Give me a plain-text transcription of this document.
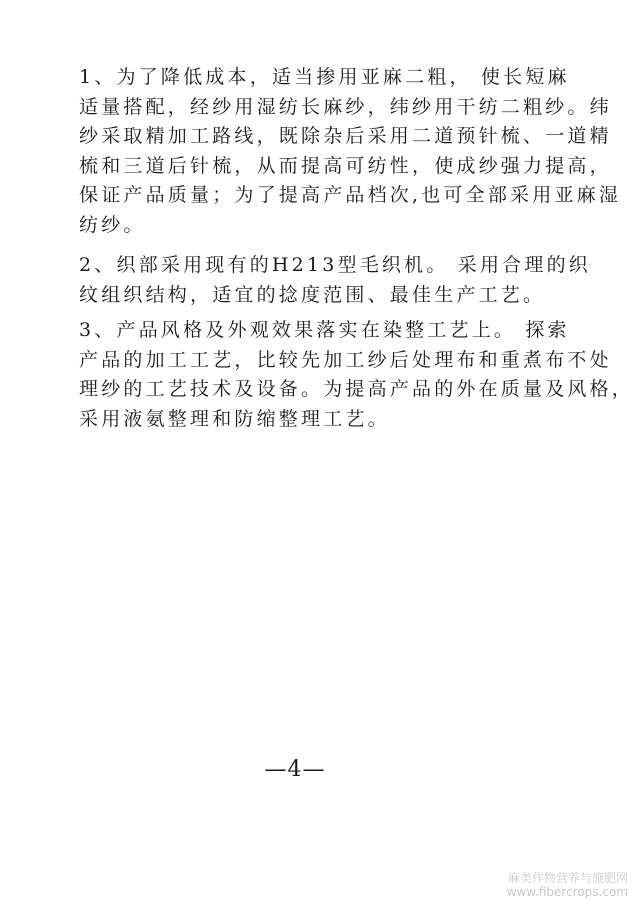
1、为了降低成本，适当掺用亚麻二粗， 使长短麻
适量搭配，经纱用湿纺长麻纱，纬纱用干纺二粗纱。纬
纱采取精加工路线，既除杂后采用二道预针梳、一道精
梳和三道后针梳，从而提高可纺性，使成纱强力提高，
保证产品质量；为了提高产品档次,也可全部采用亚麻湿
纺纱。

2、织部采用现有的H213型毛织机。 采用合理的织
纹组织结构，适宜的捻度范围、最佳生产工艺。

3、产品风格及外观效果落实在染整工艺上。 探索
产品的加工工艺，比较先加工纱后处理布和重煮布不处
理纱的工艺技术及设备。为提高产品的外在质量及风格，
采用液氨整理和防缩整理工艺。

—4—
麻类作物营养与施肥网
www.fibercrops.com
